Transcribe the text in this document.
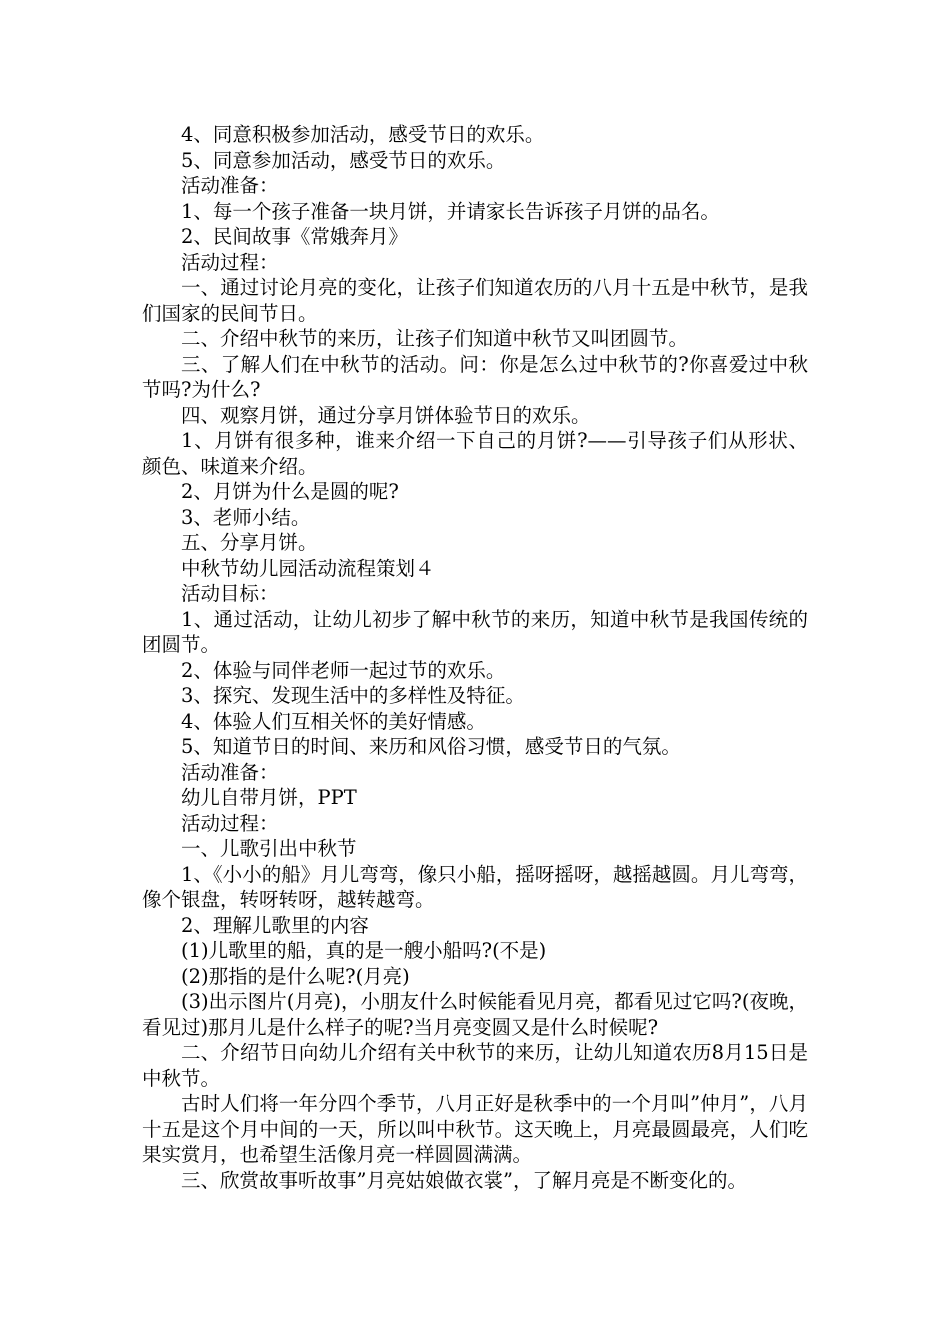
4、同意积极参加活动，感受节日的欢乐。

5、同意参加活动，感受节日的欢乐。

活动准备：

1、每一个孩子准备一块月饼，并请家长告诉孩子月饼的品名。

2、民间故事《常娥奔月》

活动过程：

一、通过讨论月亮的变化，让孩子们知道农历的八月十五是中秋节，是我们国家的民间节日。

二、介绍中秋节的来历，让孩子们知道中秋节又叫团圆节。

三、了解人们在中秋节的活动。问：你是怎么过中秋节的?你喜爱过中秋节吗?为什么?

四、观察月饼，通过分享月饼体验节日的欢乐。

1、月饼有很多种，谁来介绍一下自己的月饼?——引导孩子们从形状、颜色、味道来介绍。

2、月饼为什么是圆的呢?

3、老师小结。

五、分享月饼。

中秋节幼儿园活动流程策划４

活动目标：

1、通过活动，让幼儿初步了解中秋节的来历，知道中秋节是我国传统的团圆节。

2、体验与同伴老师一起过节的欢乐。

3、探究、发现生活中的多样性及特征。

4、体验人们互相关怀的美好情感。

5、知道节日的时间、来历和风俗习惯，感受节日的气氛。

活动准备：

幼儿自带月饼，PPT

活动过程：

一、儿歌引出中秋节

1、《小小的船》月儿弯弯，像只小船，摇呀摇呀，越摇越圆。月儿弯弯，像个银盘，转呀转呀，越转越弯。

2、理解儿歌里的内容

(1)儿歌里的船，真的是一艘小船吗?(不是)

(2)那指的是什么呢?(月亮)

(3)出示图片(月亮)，小朋友什么时候能看见月亮，都看见过它吗?(夜晚，看见过)那月儿是什么样子的呢?当月亮变圆又是什么时候呢?

二、介绍节日向幼儿介绍有关中秋节的来历，让幼儿知道农历8月15日是中秋节。

古时人们将一年分四个季节，八月正好是秋季中的一个月叫”仲月”，八月十五是这个月中间的一天，所以叫中秋节。这天晚上，月亮最圆最亮，人们吃果实赏月，也希望生活像月亮一样圆圆满满。

三、欣赏故事听故事”月亮姑娘做衣裳”，了解月亮是不断变化的。
